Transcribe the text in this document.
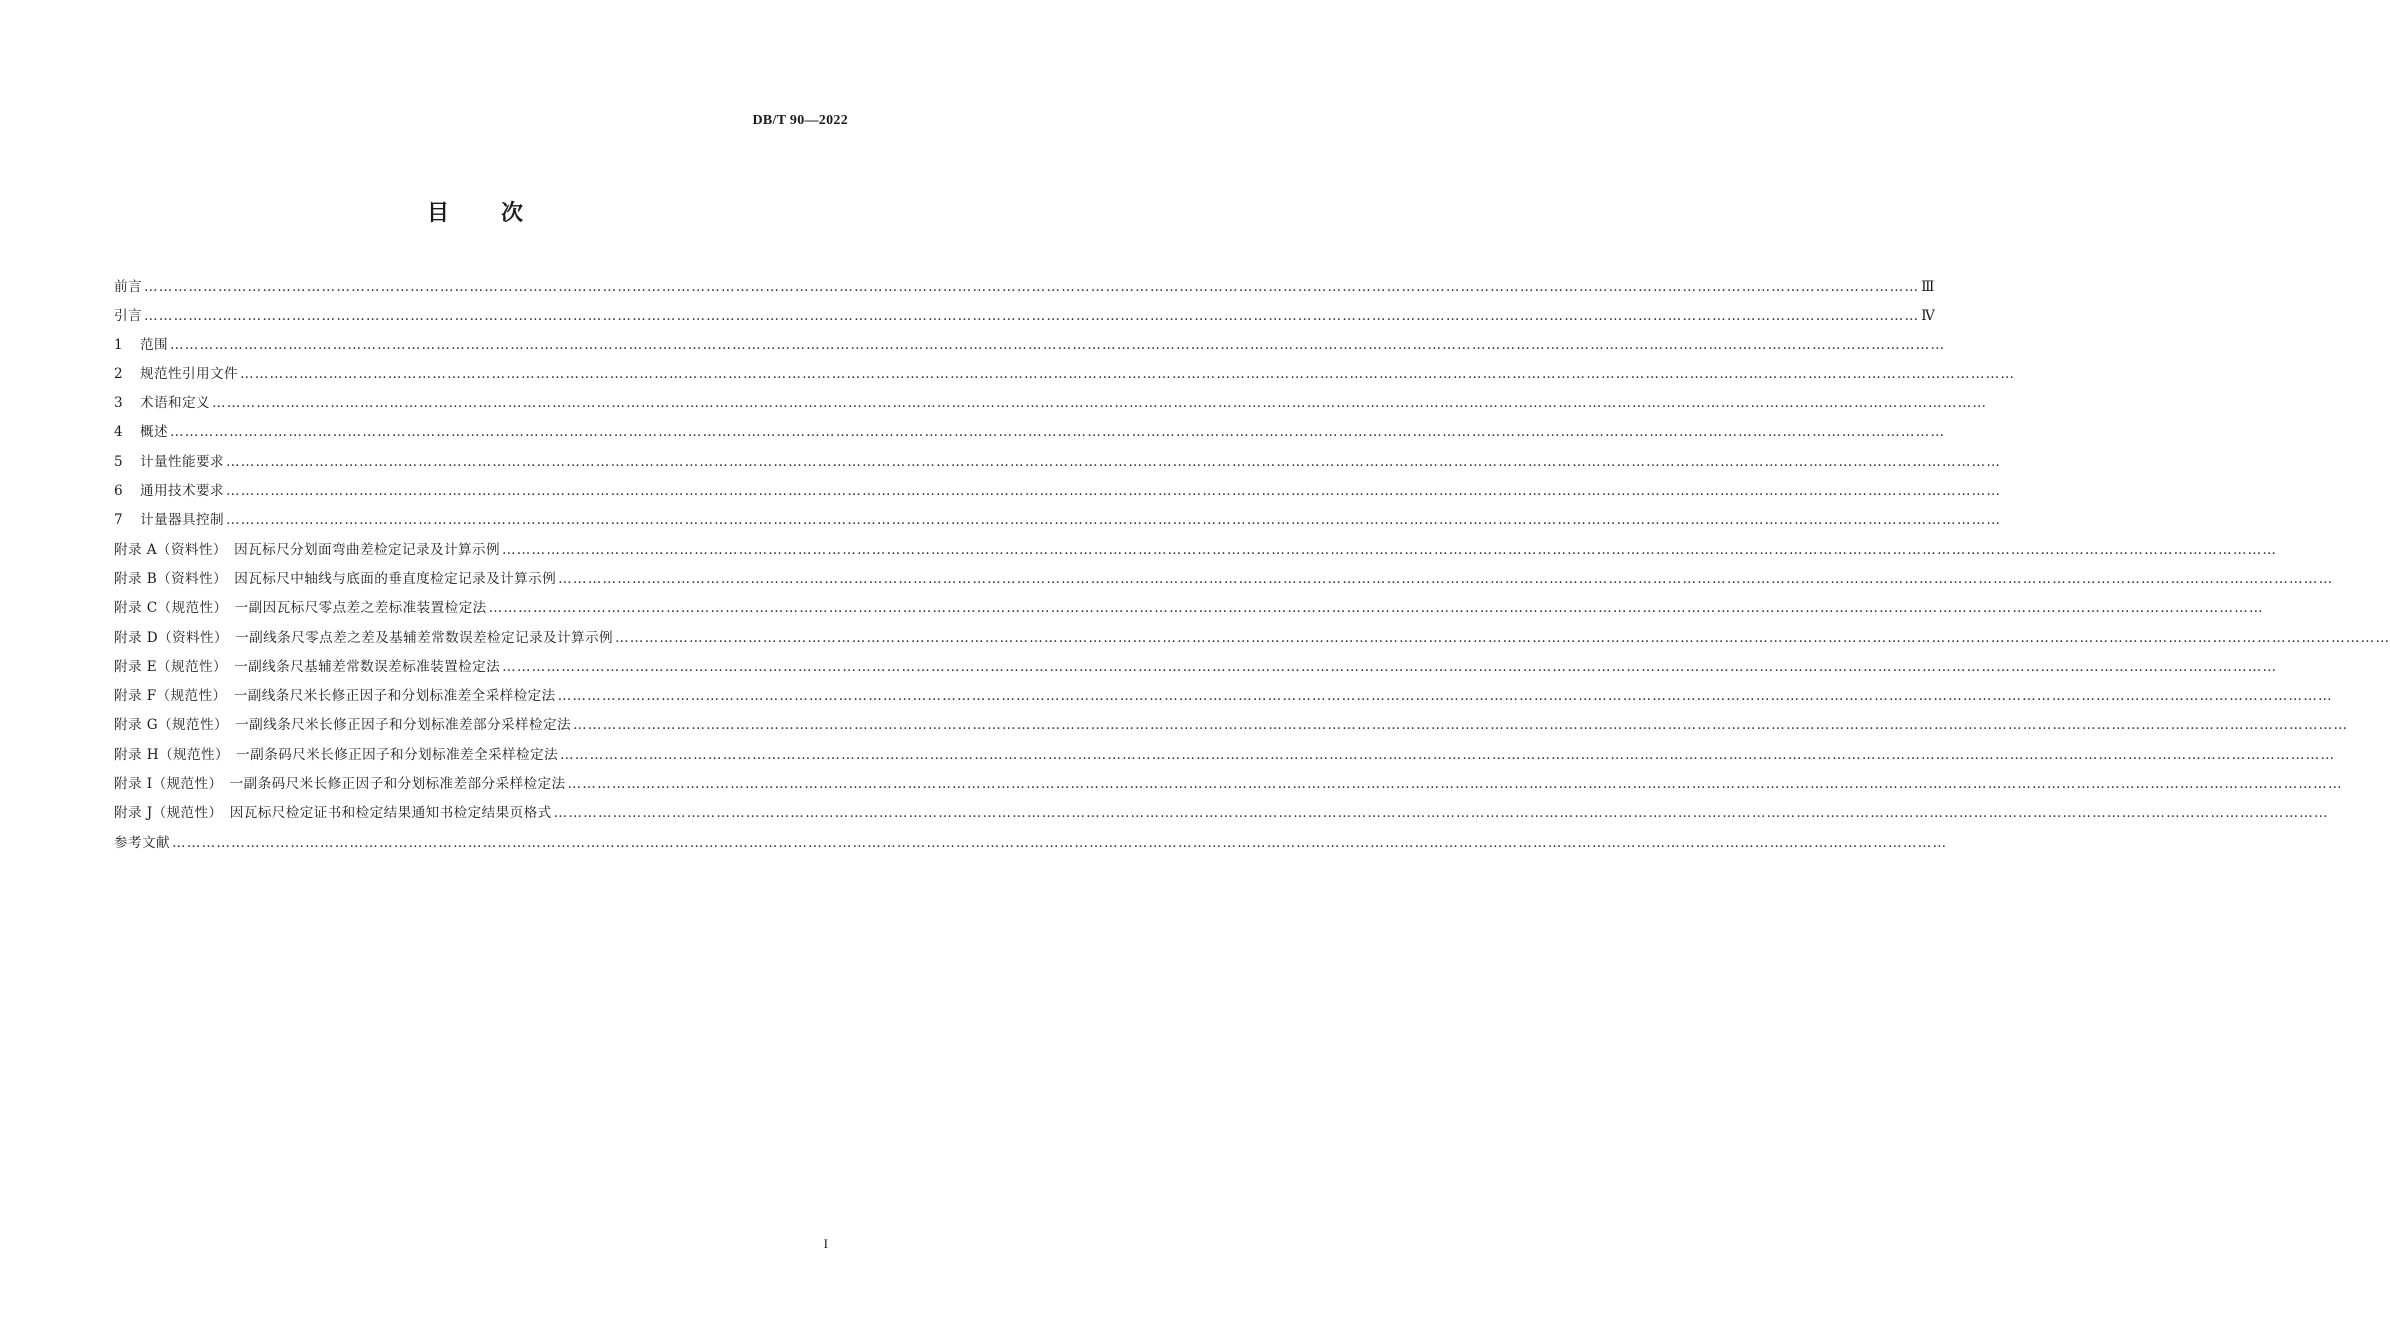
DB/T 90—2022
目次
前言 ……………………………………………………………………………………………………………………………………………………………………………………………………………………………………………………………………………………………………………………………… Ⅲ
引言 ……………………………………………………………………………………………………………………………………………………………………………………………………………………………………………………………………………………………………………………………… Ⅳ
1	范围 ………………………………………………………………………………………………………………………………………………………………………………………………………………………………………………………………………………………………………………………………
2	规范性引用文件 ………………………………………………………………………………………………………………………………………………………………………………………………………………………………………………………………………………………………………………………………
3	术语和定义 ………………………………………………………………………………………………………………………………………………………………………………………………………………………………………………………………………………………………………………………………
4	概述 ………………………………………………………………………………………………………………………………………………………………………………………………………………………………………………………………………………………………………………………………
5	计量性能要求 ………………………………………………………………………………………………………………………………………………………………………………………………………………………………………………………………………………………………………………………………
6	通用技术要求 ………………………………………………………………………………………………………………………………………………………………………………………………………………………………………………………………………………………………………………………………
7	计量器具控制 ………………………………………………………………………………………………………………………………………………………………………………………………………………………………………………………………………………………………………………………………
附录 A（资料性）　因瓦标尺分划面弯曲差检定记录及计算示例 ………………………………………………………………………………………………………………………………………………………………………………………………………………………………………………………………………………………………………………………………
附录 B（资料性）　因瓦标尺中轴线与底面的垂直度检定记录及计算示例 ………………………………………………………………………………………………………………………………………………………………………………………………………………………………………………………………………………………………………………………………
附录 C（规范性）　一副因瓦标尺零点差之差标准装置检定法 ………………………………………………………………………………………………………………………………………………………………………………………………………………………………………………………………………………………………………………………………
附录 D（资料性）　一副线条尺零点差之差及基辅差常数误差检定记录及计算示例 ………………………………………………………………………………………………………………………………………………………………………………………………………………………………………………………………………………………………………………………………
附录 E（规范性）　一副线条尺基辅差常数误差标准装置检定法 ………………………………………………………………………………………………………………………………………………………………………………………………………………………………………………………………………………………………………………………………
附录 F（规范性）　一副线条尺米长修正因子和分划标准差全采样检定法 ………………………………………………………………………………………………………………………………………………………………………………………………………………………………………………………………………………………………………………………………
附录 G（规范性）　一副线条尺米长修正因子和分划标准差部分采样检定法 ………………………………………………………………………………………………………………………………………………………………………………………………………………………………………………………………………………………………………………………………
附录 H（规范性）　一副条码尺米长修正因子和分划标准差全采样检定法 ………………………………………………………………………………………………………………………………………………………………………………………………………………………………………………………………………………………………………………………………
附录 I（规范性）　一副条码尺米长修正因子和分划标准差部分采样检定法 ………………………………………………………………………………………………………………………………………………………………………………………………………………………………………………………………………………………………………………………………
附录 J（规范性）　因瓦标尺检定证书和检定结果通知书检定结果页格式 ………………………………………………………………………………………………………………………………………………………………………………………………………………………………………………………………………………………………………………………………
参考文献 ………………………………………………………………………………………………………………………………………………………………………………………………………………………………………………………………………………………………………………………………
I
